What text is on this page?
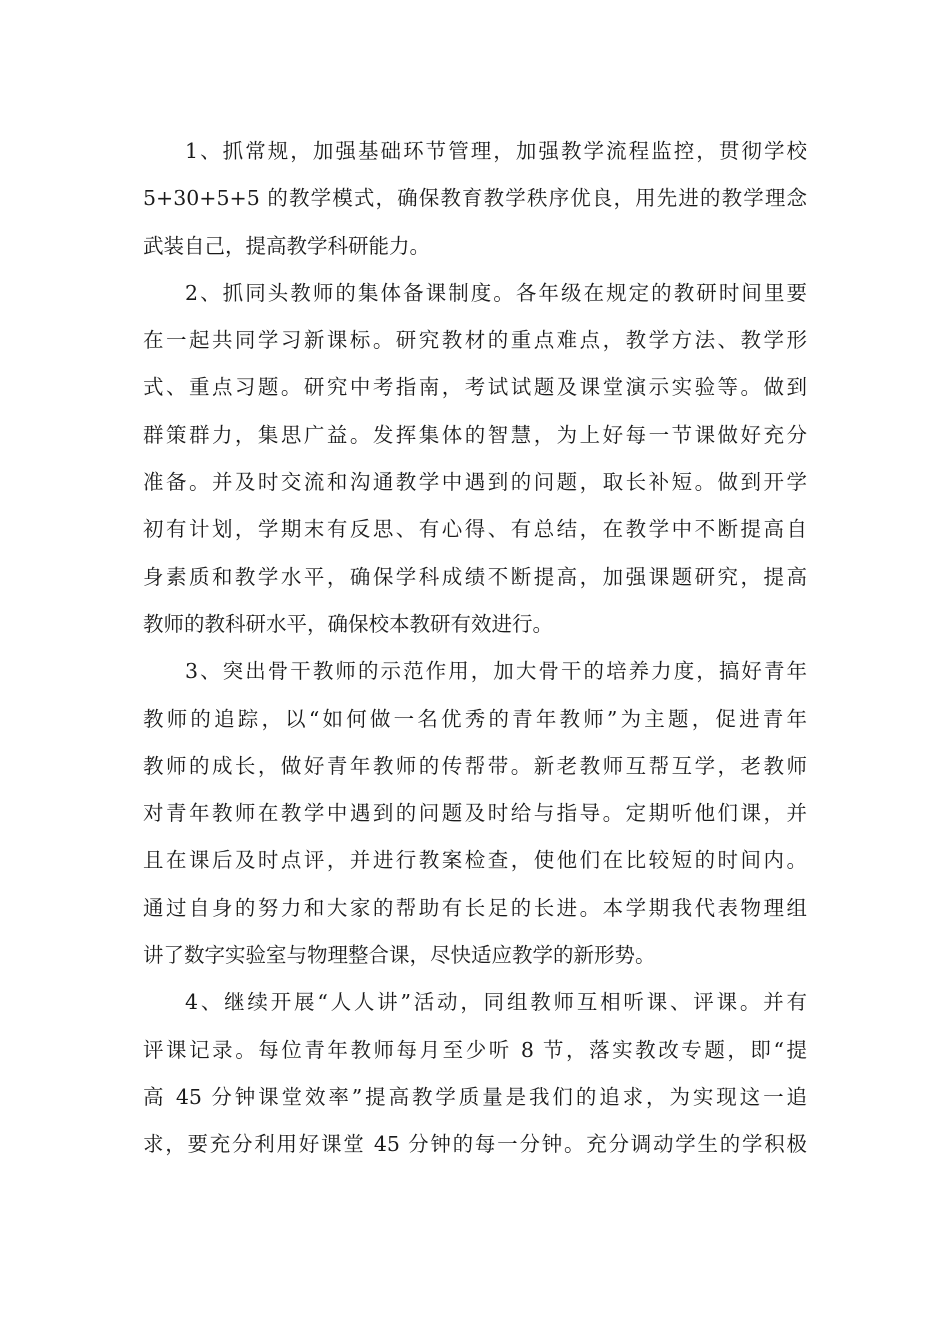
1、抓常规，加强基础环节管理，加强教学流程监控，贯彻学校
5+30+5+5 的教学模式，确保教育教学秩序优良，用先进的教学理念
武装自己，提高教学科研能力。
2、抓同头教师的集体备课制度。各年级在规定的教研时间里要
在一起共同学习新课标。研究教材的重点难点，教学方法、教学形
式、重点习题。研究中考指南，考试试题及课堂演示实验等。做到
群策群力，集思广益。发挥集体的智慧，为上好每一节课做好充分
准备。并及时交流和沟通教学中遇到的问题，取长补短。做到开学
初有计划，学期末有反思、有心得、有总结，在教学中不断提高自
身素质和教学水平，确保学科成绩不断提高，加强课题研究，提高
教师的教科研水平，确保校本教研有效进行。
3、突出骨干教师的示范作用，加大骨干的培养力度，搞好青年
教师的追踪，以“如何做一名优秀的青年教师”为主题，促进青年
教师的成长，做好青年教师的传帮带。新老教师互帮互学，老教师
对青年教师在教学中遇到的问题及时给与指导。定期听他们课，并
且在课后及时点评，并进行教案检查，使他们在比较短的时间内。
通过自身的努力和大家的帮助有长足的长进。本学期我代表物理组
讲了数字实验室与物理整合课，尽快适应教学的新形势。
4、继续开展“人人讲”活动，同组教师互相听课、评课。并有
评课记录。每位青年教师每月至少听 8 节，落实教改专题，即“提
高 45 分钟课堂效率”提高教学质量是我们的追求，为实现这一追
求，要充分利用好课堂 45 分钟的每一分钟。充分调动学生的学积极
